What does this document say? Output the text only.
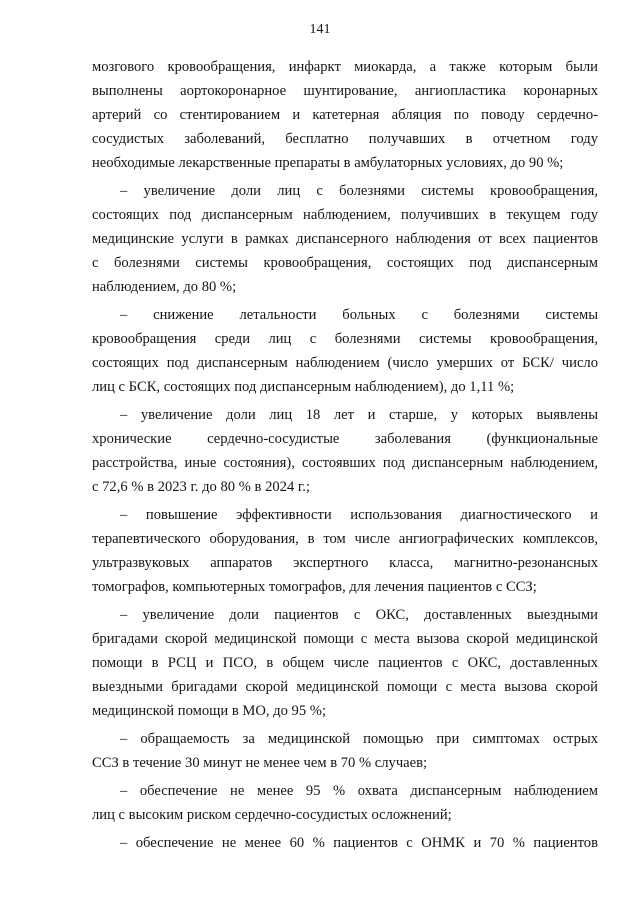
141

мозгового кровообращения, инфаркт миокарда, а также которым были
выполнены аортокоронарное шунтирование, ангиопластика коронарных
артерий со стентированием и катетерная абляция по поводу сердечно-
сосудистых заболеваний, бесплатно получавших в отчетном году
необходимые лекарственные препараты в амбулаторных условиях, до 90 %;

– увеличение доли лиц с болезнями системы кровообращения,
состоящих под диспансерным наблюдением, получивших в текущем году
медицинские услуги в рамках диспансерного наблюдения от всех пациентов
с болезнями системы кровообращения, состоящих под диспансерным
наблюдением, до 80 %;

– снижение летальности больных с болезнями системы
кровообращения среди лиц с болезнями системы кровообращения,
состоящих под диспансерным наблюдением (число умерших от БСК/ число
лиц с БСК, состоящих под диспансерным наблюдением), до 1,11 %;

– увеличение доли лиц 18 лет и старше, у которых выявлены
хронические сердечно-сосудистые заболевания (функциональные
расстройства, иные состояния), состоявших под диспансерным наблюдением,
с 72,6 % в 2023 г. до 80 % в 2024 г.;

– повышение эффективности использования диагностического и
терапевтического оборудования, в том числе ангиографических комплексов,
ультразвуковых аппаратов экспертного класса, магнитно-резонансных
томографов, компьютерных томографов, для лечения пациентов с ССЗ;

– увеличение доли пациентов с ОКС, доставленных выездными
бригадами скорой медицинской помощи с места вызова скорой медицинской
помощи в РСЦ и ПСО, в общем числе пациентов с ОКС, доставленных
выездными бригадами скорой медицинской помощи с места вызова скорой
медицинской помощи в МО, до 95 %;

– обращаемость за медицинской помощью при симптомах острых
ССЗ в течение 30 минут не менее чем в 70 % случаев;

– обеспечение не менее 95 % охвата диспансерным наблюдением
лиц с высоким риском сердечно-сосудистых осложнений;

– обеспечение не менее 60 % пациентов с ОНМК и 70 % пациентов
